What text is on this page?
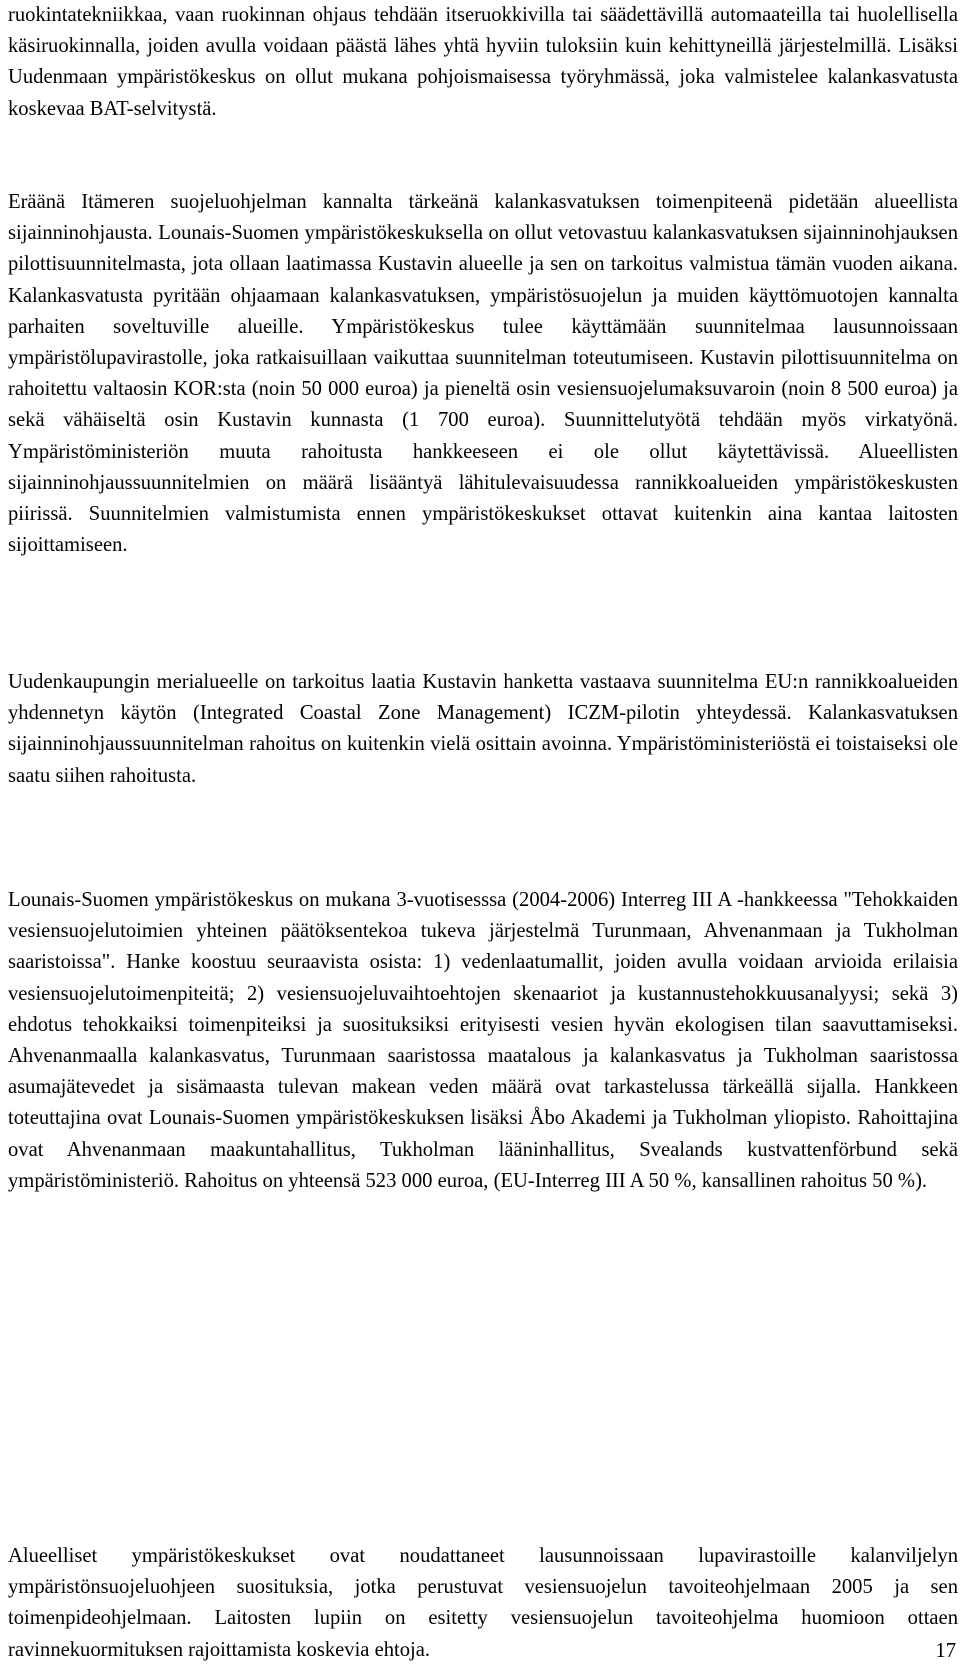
ruokintatekniikkaa, vaan ruokinnan ohjaus tehdään itseruokkivilla tai säädettävillä automaateilla tai huolellisella käsiruokinnalla, joiden avulla voidaan päästä lähes yhtä hyviin tuloksiin kuin kehittyneillä järjestelmillä. Lisäksi Uudenmaan ympäristökeskus on ollut mukana pohjoismaisessa työryhmässä, joka valmistelee kalankasvatusta koskevaa BAT-selvitystä.

Eräänä Itämeren suojeluohjelman kannalta tärkeänä kalankasvatuksen toimenpiteenä pidetään alueellista sijainninohjausta. Lounais-Suomen ympäristökeskuksella on ollut vetovastuu kalankasvatuksen sijainninohjauksen pilottisuunnitelmasta, jota ollaan laatimassa Kustavin alueelle ja sen on tarkoitus valmistua tämän vuoden aikana. Kalankasvatusta pyritään ohjaamaan kalankasvatuksen, ympäristösuojelun ja muiden käyttömuotojen kannalta parhaiten soveltuville alueille. Ympäristökeskus tulee käyttämään suunnitelmaa lausunnoissaan ympäristölupavirastolle, joka ratkaisuillaan vaikuttaa suunnitelman toteutumiseen. Kustavin pilottisuunnitelma on rahoitettu valtaosin KOR:sta (noin 50 000 euroa) ja pieneltä osin vesiensuojelumaksuvaroin (noin 8 500 euroa) ja sekä vähäiseltä osin Kustavin kunnasta (1 700 euroa). Suunnittelutyötä tehdään myös virkatyönä. Ympäristöministeriön muuta rahoitusta hankkeeseen ei ole ollut käytettävissä. Alueellisten sijainninohjaussuunnitelmien on määrä lisääntyä lähitulevaisuudessa rannikkoalueiden ympäristökeskusten piirissä. Suunnitelmien valmistumista ennen ympäristökeskukset ottavat kuitenkin aina kantaa laitosten sijoittamiseen.

Uudenkaupungin merialueelle on tarkoitus laatia Kustavin hanketta vastaava suunnitelma EU:n rannikkoalueiden yhdennetyn käytön (Integrated Coastal Zone Management) ICZM-pilotin yhteydessä. Kalankasvatuksen sijainninohjaussuunnitelman rahoitus on kuitenkin vielä osittain avoinna. Ympäristöministeriöstä ei toistaiseksi ole saatu siihen rahoitusta.

Lounais-Suomen ympäristökeskus on mukana 3-vuotisesssa (2004-2006) Interreg III A -hankkeessa "Tehokkaiden vesiensuojelutoimien yhteinen päätöksentekoa tukeva järjestelmä Turunmaan, Ahvenanmaan ja Tukholman saaristoissa". Hanke koostuu seuraavista osista: 1) vedenlaatumallit, joiden avulla voidaan arvioida erilaisia vesiensuojelutoimenpiteitä; 2) vesiensuojeluvaihtoehtojen skenaariot ja kustannustehokkuusanalyysi; sekä 3) ehdotus tehokkaiksi toimenpiteiksi ja suosituksiksi erityisesti vesien hyvän ekologisen tilan saavuttamiseksi. Ahvenanmaalla kalankasvatus, Turunmaan saaristossa maatalous ja kalankasvatus ja Tukholman saaristossa asumajätevedet ja sisämaasta tulevan makean veden määrä ovat tarkastelussa tärkeällä sijalla. Hankkeen toteuttajina ovat Lounais-Suomen ympäristökeskuksen lisäksi Åbo Akademi ja Tukholman yliopisto. Rahoittajina ovat Ahvenanmaan maakuntahallitus, Tukholman lääninhallitus, Svealands kustvattenförbund sekä ympäristöministeriö. Rahoitus on yhteensä 523 000 euroa, (EU-Interreg III A 50 %, kansallinen rahoitus 50 %).

Alueelliset ympäristökeskukset ovat noudattaneet lausunnoissaan lupavirastoille kalanviljelyn ympäristönsuojeluohjeen suosituksia, jotka perustuvat vesiensuojelun tavoiteohjelmaan 2005 ja sen toimenpideohjelmaan. Laitosten lupiin on esitetty vesiensuojelun tavoiteohjelma huomioon ottaen ravinnekuormituksen rajoittamista koskevia ehtoja.	17
